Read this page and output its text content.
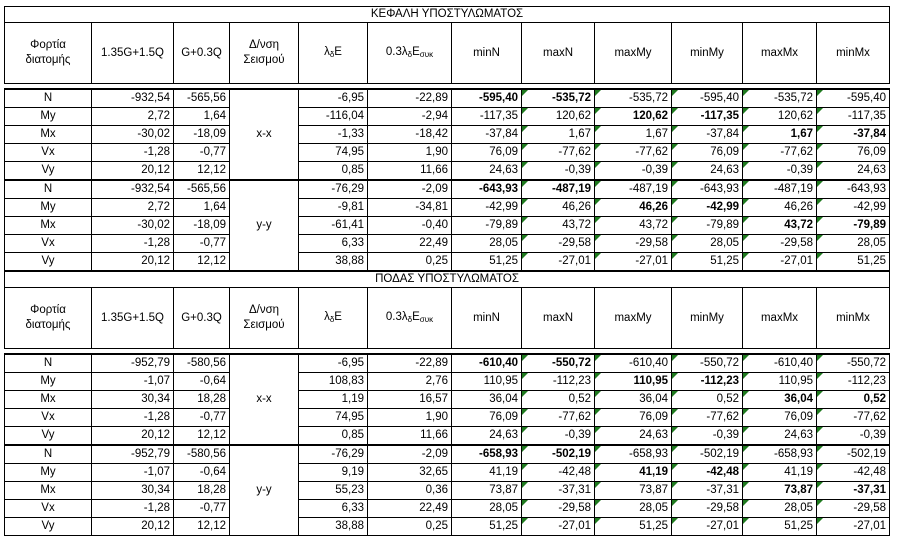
ΚΕΦΑΛΗ ΥΠΟΣΤΥΛΩΜΑΤΟΣ											
Φορτία διατομής	1.35G+1.5Q	G+0.3Q	Δ/νση Σεισμού	$\lambda_\delta E$	$0.3\lambda_\delta E_{\sigma\upsilon\kappa}$	minN	maxN	maxMy	minMy	maxMx	minMx

N	-932,54	-565,56	x-x	-6,95	-22,89	-595,40	-535,72	-535,72	-595,40	-535,72	-595,40
My	2,72	1,64		-116,04	-2,94	-117,35	120,62	120,62	-117,35	120,62	-117,35
Mx	-30,02	-18,09		-1,33	-18,42	-37,84	1,67	1,67	-37,84	1,67	-37,84
Vx	-1,28	-0,77		74,95	1,90	76,09	-77,62	-77,62	76,09	-77,62	76,09
Vy	20,12	12,12		0,85	11,66	24,63	-0,39	-0,39	24,63	-0,39	24,63
N	-932,54	-565,56	y-y	-76,29	-2,09	-643,93	-487,19	-487,19	-643,93	-487,19	-643,93
My	2,72	1,64		-9,81	-34,81	-42,99	46,26	46,26	-42,99	46,26	-42,99
Mx	-30,02	-18,09		-61,41	-0,40	-79,89	43,72	43,72	-79,89	43,72	-79,89
Vx	-1,28	-0,77		6,33	22,49	28,05	-29,58	-29,58	28,05	-29,58	28,05
Vy	20,12	12,12		38,88	0,25	51,25	-27,01	-27,01	51,25	-27,01	51,25
ΠΟΔΑΣ ΥΠΟΣΤΥΛΩΜΑΤΟΣ											
Φορτία διατομής	1.35G+1.5Q	G+0.3Q	Δ/νση Σεισμού	$\lambda_\delta E$	$0.3\lambda_\delta E_{\sigma\upsilon\kappa}$	minN	maxN	maxMy	minMy	maxMx	minMx

N	-952,79	-580,56	x-x	-6,95	-22,89	-610,40	-550,72	-610,40	-550,72	-610,40	-550,72
My	-1,07	-0,64		108,83	2,76	110,95	-112,23	110,95	-112,23	110,95	-112,23
Mx	30,34	18,28		1,19	16,57	36,04	0,52	36,04	0,52	36,04	0,52
Vx	-1,28	-0,77		74,95	1,90	76,09	-77,62	76,09	-77,62	76,09	-77,62
Vy	20,12	12,12		0,85	11,66	24,63	-0,39	24,63	-0,39	24,63	-0,39
N	-952,79	-580,56	y-y	-76,29	-2,09	-658,93	-502,19	-658,93	-502,19	-658,93	-502,19
My	-1,07	-0,64		9,19	32,65	41,19	-42,48	41,19	-42,48	41,19	-42,48
Mx	30,34	18,28		55,23	0,36	73,87	-37,31	73,87	-37,31	73,87	-37,31
Vx	-1,28	-0,77		6,33	22,49	28,05	-29,58	28,05	-29,58	28,05	-29,58
Vy	20,12	12,12		38,88	0,25	51,25	-27,01	51,25	-27,01	51,25	-27,01
